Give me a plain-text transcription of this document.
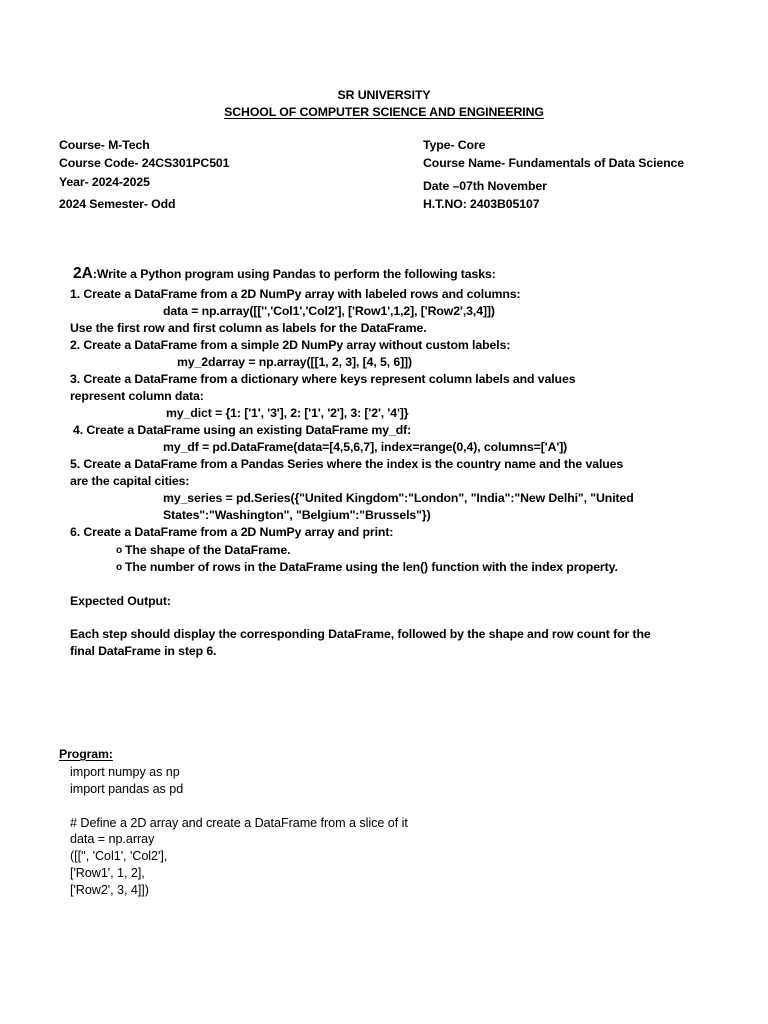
SR UNIVERSITY
SCHOOL OF COMPUTER SCIENCE AND ENGINEERING
Course- M-Tech
Course Code- 24CS301PC501
Year- 2024-2025
2024 Semester- Odd
Type- Core
Course Name- Fundamentals of Data Science
Date –07th November
H.T.NO: 2403B05107
2A:Write a Python program using Pandas to perform the following tasks:
1. Create a DataFrame from a 2D NumPy array with labeled rows and columns:
data = np.array([['','Col1','Col2'], ['Row1',1,2], ['Row2',3,4]])
Use the first row and first column as labels for the DataFrame.
2. Create a DataFrame from a simple 2D NumPy array without custom labels:
my_2darray = np.array([[1, 2, 3], [4, 5, 6]])
3. Create a DataFrame from a dictionary where keys represent column labels and values
represent column data:
my_dict = {1: ['1', '3'], 2: ['1', '2'], 3: ['2', '4']}
4. Create a DataFrame using an existing DataFrame my_df:
my_df = pd.DataFrame(data=[4,5,6,7], index=range(0,4), columns=['A'])
5. Create a DataFrame from a Pandas Series where the index is the country name and the values
are the capital cities:
my_series = pd.Series({"United Kingdom":"London", "India":"New Delhi", "United
States":"Washington", "Belgium":"Brussels"})
6. Create a DataFrame from a 2D NumPy array and print:
o The shape of the DataFrame.
o The number of rows in the DataFrame using the len() function with the index property.
Expected Output:
Each step should display the corresponding DataFrame, followed by the shape and row count for the
final DataFrame in step 6.
Program:
import numpy as np
import pandas as pd
# Define a 2D array and create a DataFrame from a slice of it
data = np.array
([['', 'Col1', 'Col2'],
['Row1', 1, 2],
['Row2', 3, 4]])
